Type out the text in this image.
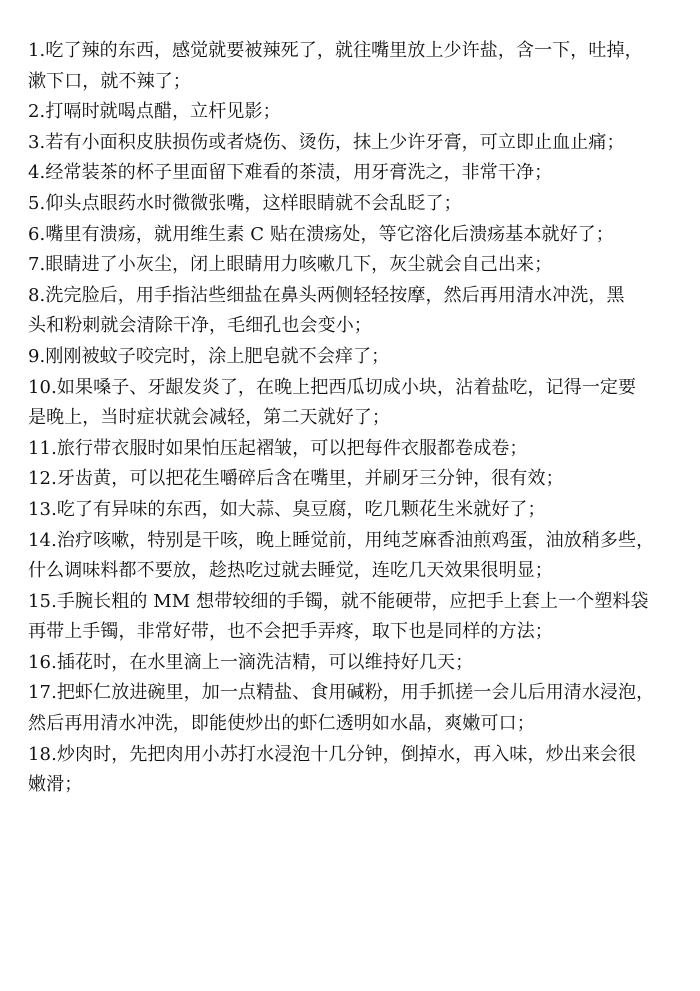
1.吃了辣的东西，感觉就要被辣死了，就往嘴里放上少许盐，含一下，吐掉，
漱下口，就不辣了；
2.打嗝时就喝点醋，立杆见影；
3.若有小面积皮肤损伤或者烧伤、烫伤，抹上少许牙膏，可立即止血止痛；
4.经常装茶的杯子里面留下难看的茶渍，用牙膏洗之，非常干净；
5.仰头点眼药水时微微张嘴，这样眼睛就不会乱眨了；
6.嘴里有溃疡，就用维生素 C 贴在溃疡处，等它溶化后溃疡基本就好了；
7.眼睛进了小灰尘，闭上眼睛用力咳嗽几下，灰尘就会自己出来；
8.洗完脸后，用手指沾些细盐在鼻头两侧轻轻按摩，然后再用清水冲洗，黑
头和粉刺就会清除干净，毛细孔也会变小；
9.刚刚被蚊子咬完时，涂上肥皂就不会痒了；
10.如果嗓子、牙龈发炎了，在晚上把西瓜切成小块，沾着盐吃，记得一定要
是晚上，当时症状就会减轻，第二天就好了；
11.旅行带衣服时如果怕压起褶皱，可以把每件衣服都卷成卷；
12.牙齿黄，可以把花生嚼碎后含在嘴里，并刷牙三分钟，很有效；
13.吃了有异味的东西，如大蒜、臭豆腐，吃几颗花生米就好了；
14.治疗咳嗽，特别是干咳，晚上睡觉前，用纯芝麻香油煎鸡蛋，油放稍多些，
什么调味料都不要放，趁热吃过就去睡觉，连吃几天效果很明显；
15.手腕长粗的 MM 想带较细的手镯，就不能硬带，应把手上套上一个塑料袋
再带上手镯，非常好带，也不会把手弄疼，取下也是同样的方法；
16.插花时，在水里滴上一滴洗洁精，可以维持好几天；
17.把虾仁放进碗里，加一点精盐、食用碱粉，用手抓搓一会儿后用清水浸泡，
然后再用清水冲洗，即能使炒出的虾仁透明如水晶，爽嫩可口；
18.炒肉时，先把肉用小苏打水浸泡十几分钟，倒掉水，再入味，炒出来会很
嫩滑；
